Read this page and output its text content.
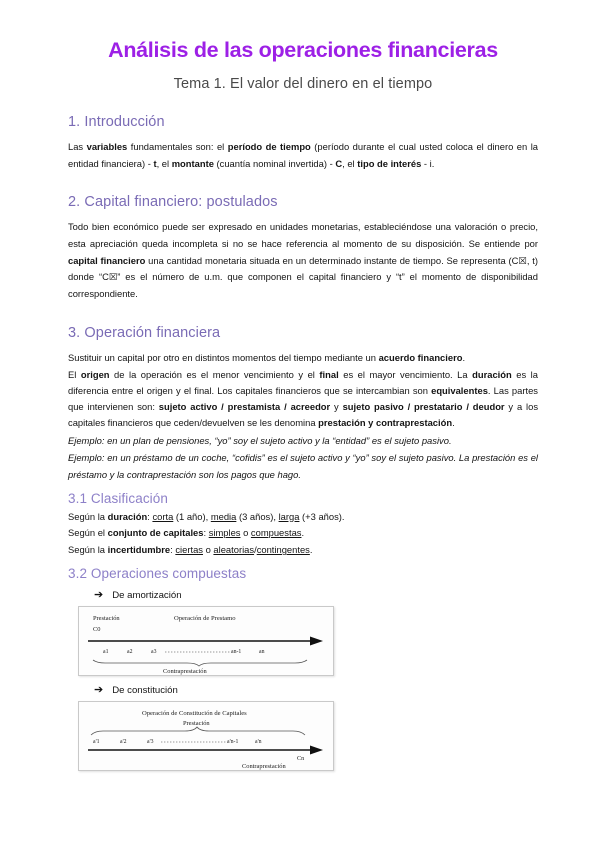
Análisis de las operaciones financieras
Tema 1. El valor del dinero en el tiempo
1. Introducción

Las variables fundamentales son: el período de tiempo (período durante el cual usted coloca el dinero en la entidad financiera) - t, el montante (cuantía nominal invertida) - C, el tipo de interés - i.

2. Capital financiero: postulados

Todo bien económico puede ser expresado en unidades monetarias, estableciéndose una valoración o precio, esta apreciación queda incompleta si no se hace referencia al momento de su disposición. Se entiende por capital financiero una cantidad monetaria situada en un determinado instante de tiempo. Se representa (C☒, t) donde “C☒” es el número de u.m. que componen el capital financiero y “t” el momento de disponibilidad correspondiente.

3. Operación financiera

Sustituir un capital por otro en distintos momentos del tiempo mediante un acuerdo financiero.

El origen de la operación es el menor vencimiento y el final es el mayor vencimiento. La duración es la diferencia entre el origen y el final. Los capitales financieros que se intercambian son equivalentes. Las partes que intervienen son: sujeto activo / prestamista / acreedor y sujeto pasivo / prestatario / deudor y a los capitales financieros que ceden/devuelven se les denomina prestación y contraprestación.

Ejemplo: en un plan de pensiones, “yo” soy el sujeto activo y la “entidad” es el sujeto pasivo.

Ejemplo: en un préstamo de un coche, “cofidis” es el sujeto activo y “yo” soy el sujeto pasivo. La prestación es el préstamo y la contraprestación son los pagos que hago.

3.1 Clasificación

Según la duración: corta (1 año), media (3 años), larga (+3 años).

Según el conjunto de capitales: simples o compuestas.

Según la incertidumbre: ciertas o aleatorias/contingentes.

3.2 Operaciones compuestas
➔ De amortización
Prestación	Operación de Prestamo
C0
a1	a2	a3	an-1	an
Contraprestación
➔ De constitución
Operación de Constitución de Capitales
Prestación
a'1	a'2	a'3	a'n-1	a'n
Cn
Contraprestación
